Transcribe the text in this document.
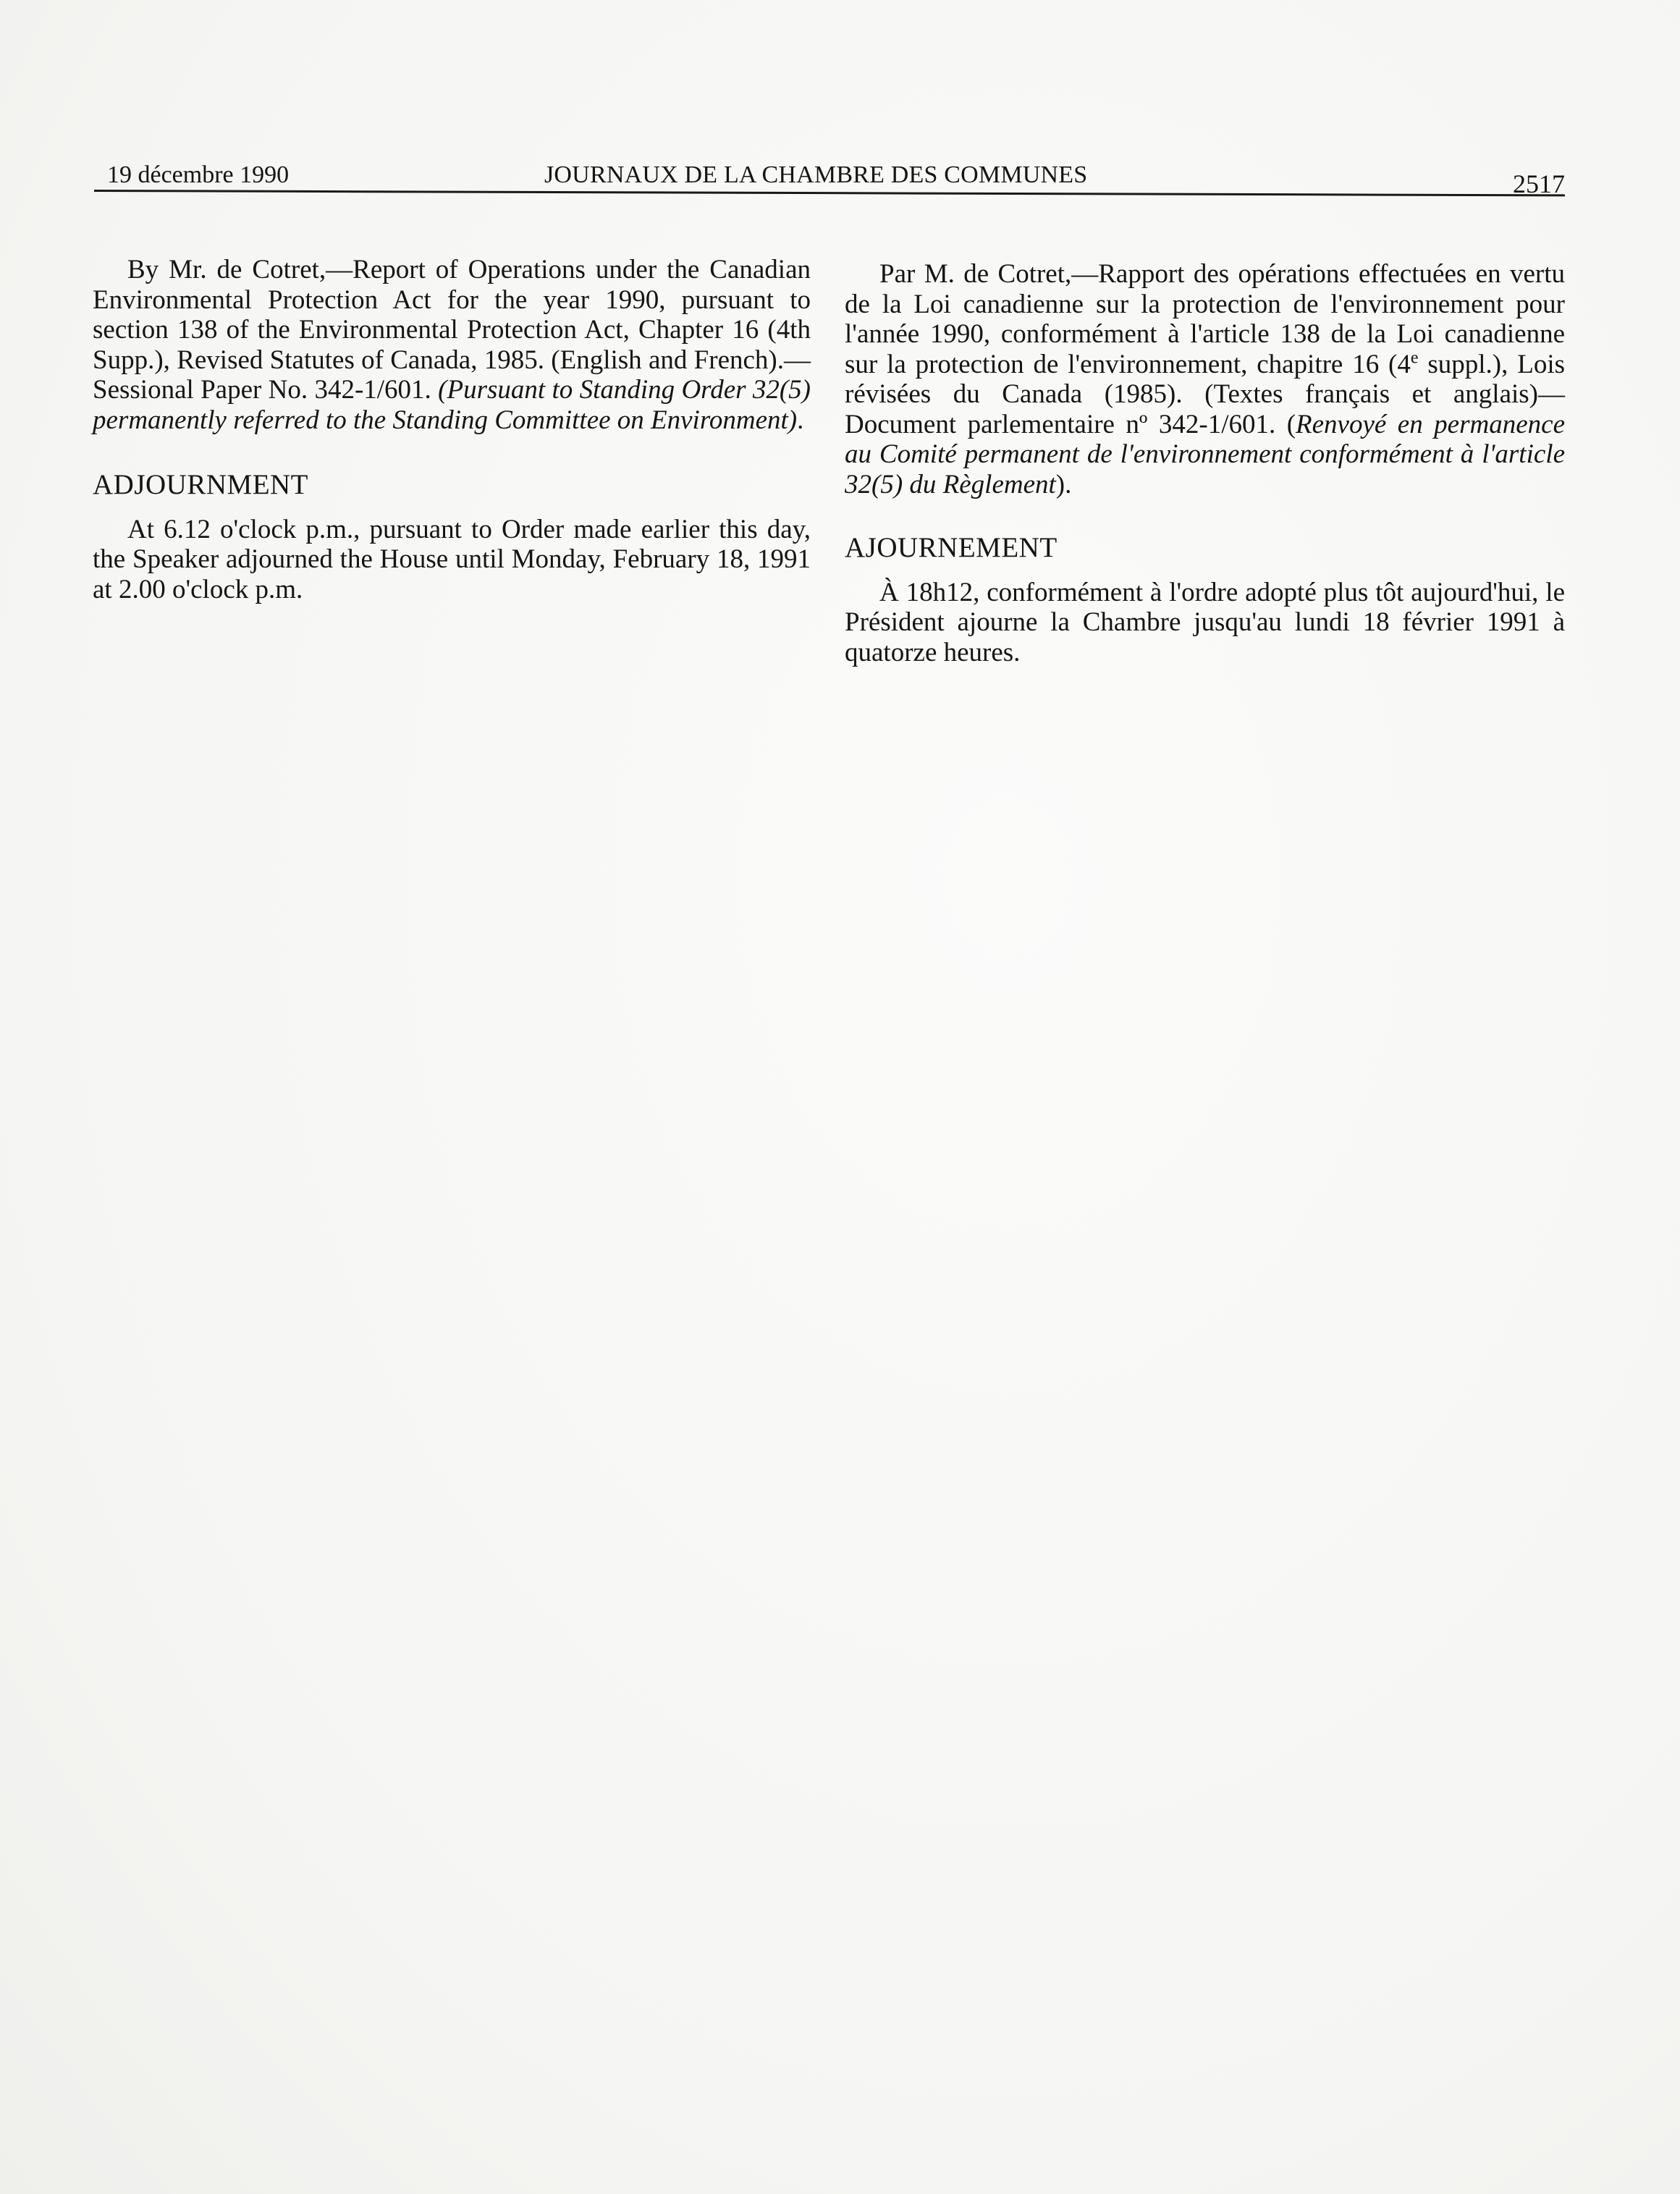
19 décembre 1990	JOURNAUX DE LA CHAMBRE DES COMMUNES	2517

By Mr. de Cotret,—Report of Operations under the Canadian Environmental Protection Act for the year 1990, pursuant to section 138 of the Environmental Protection Act, Chapter 16 (4th Supp.), Revised Statutes of Canada, 1985. (English and French).—Sessional Paper No. 342-1/601. (Pursuant to Standing Order 32(5) permanently referred to the Standing Committee on Environment).

ADJOURNMENT

At 6.12 o'clock p.m., pursuant to Order made earlier this day, the Speaker adjourned the House until Monday, February 18, 1991 at 2.00 o'clock p.m.

Par M. de Cotret,—Rapport des opérations effectuées en vertu de la Loi canadienne sur la protection de l'environnement pour l'année 1990, conformément à l'article 138 de la Loi canadienne sur la protection de l'environnement, chapitre 16 (4e suppl.), Lois révisées du Canada (1985). (Textes français et anglais)—Document parlementaire nº 342-1/601. (Renvoyé en permanence au Comité permanent de l'environnement conformément à l'article 32(5) du Règlement).

AJOURNEMENT

À 18h12, conformément à l'ordre adopté plus tôt aujourd'hui, le Président ajourne la Chambre jusqu'au lundi 18 février 1991 à quatorze heures.
